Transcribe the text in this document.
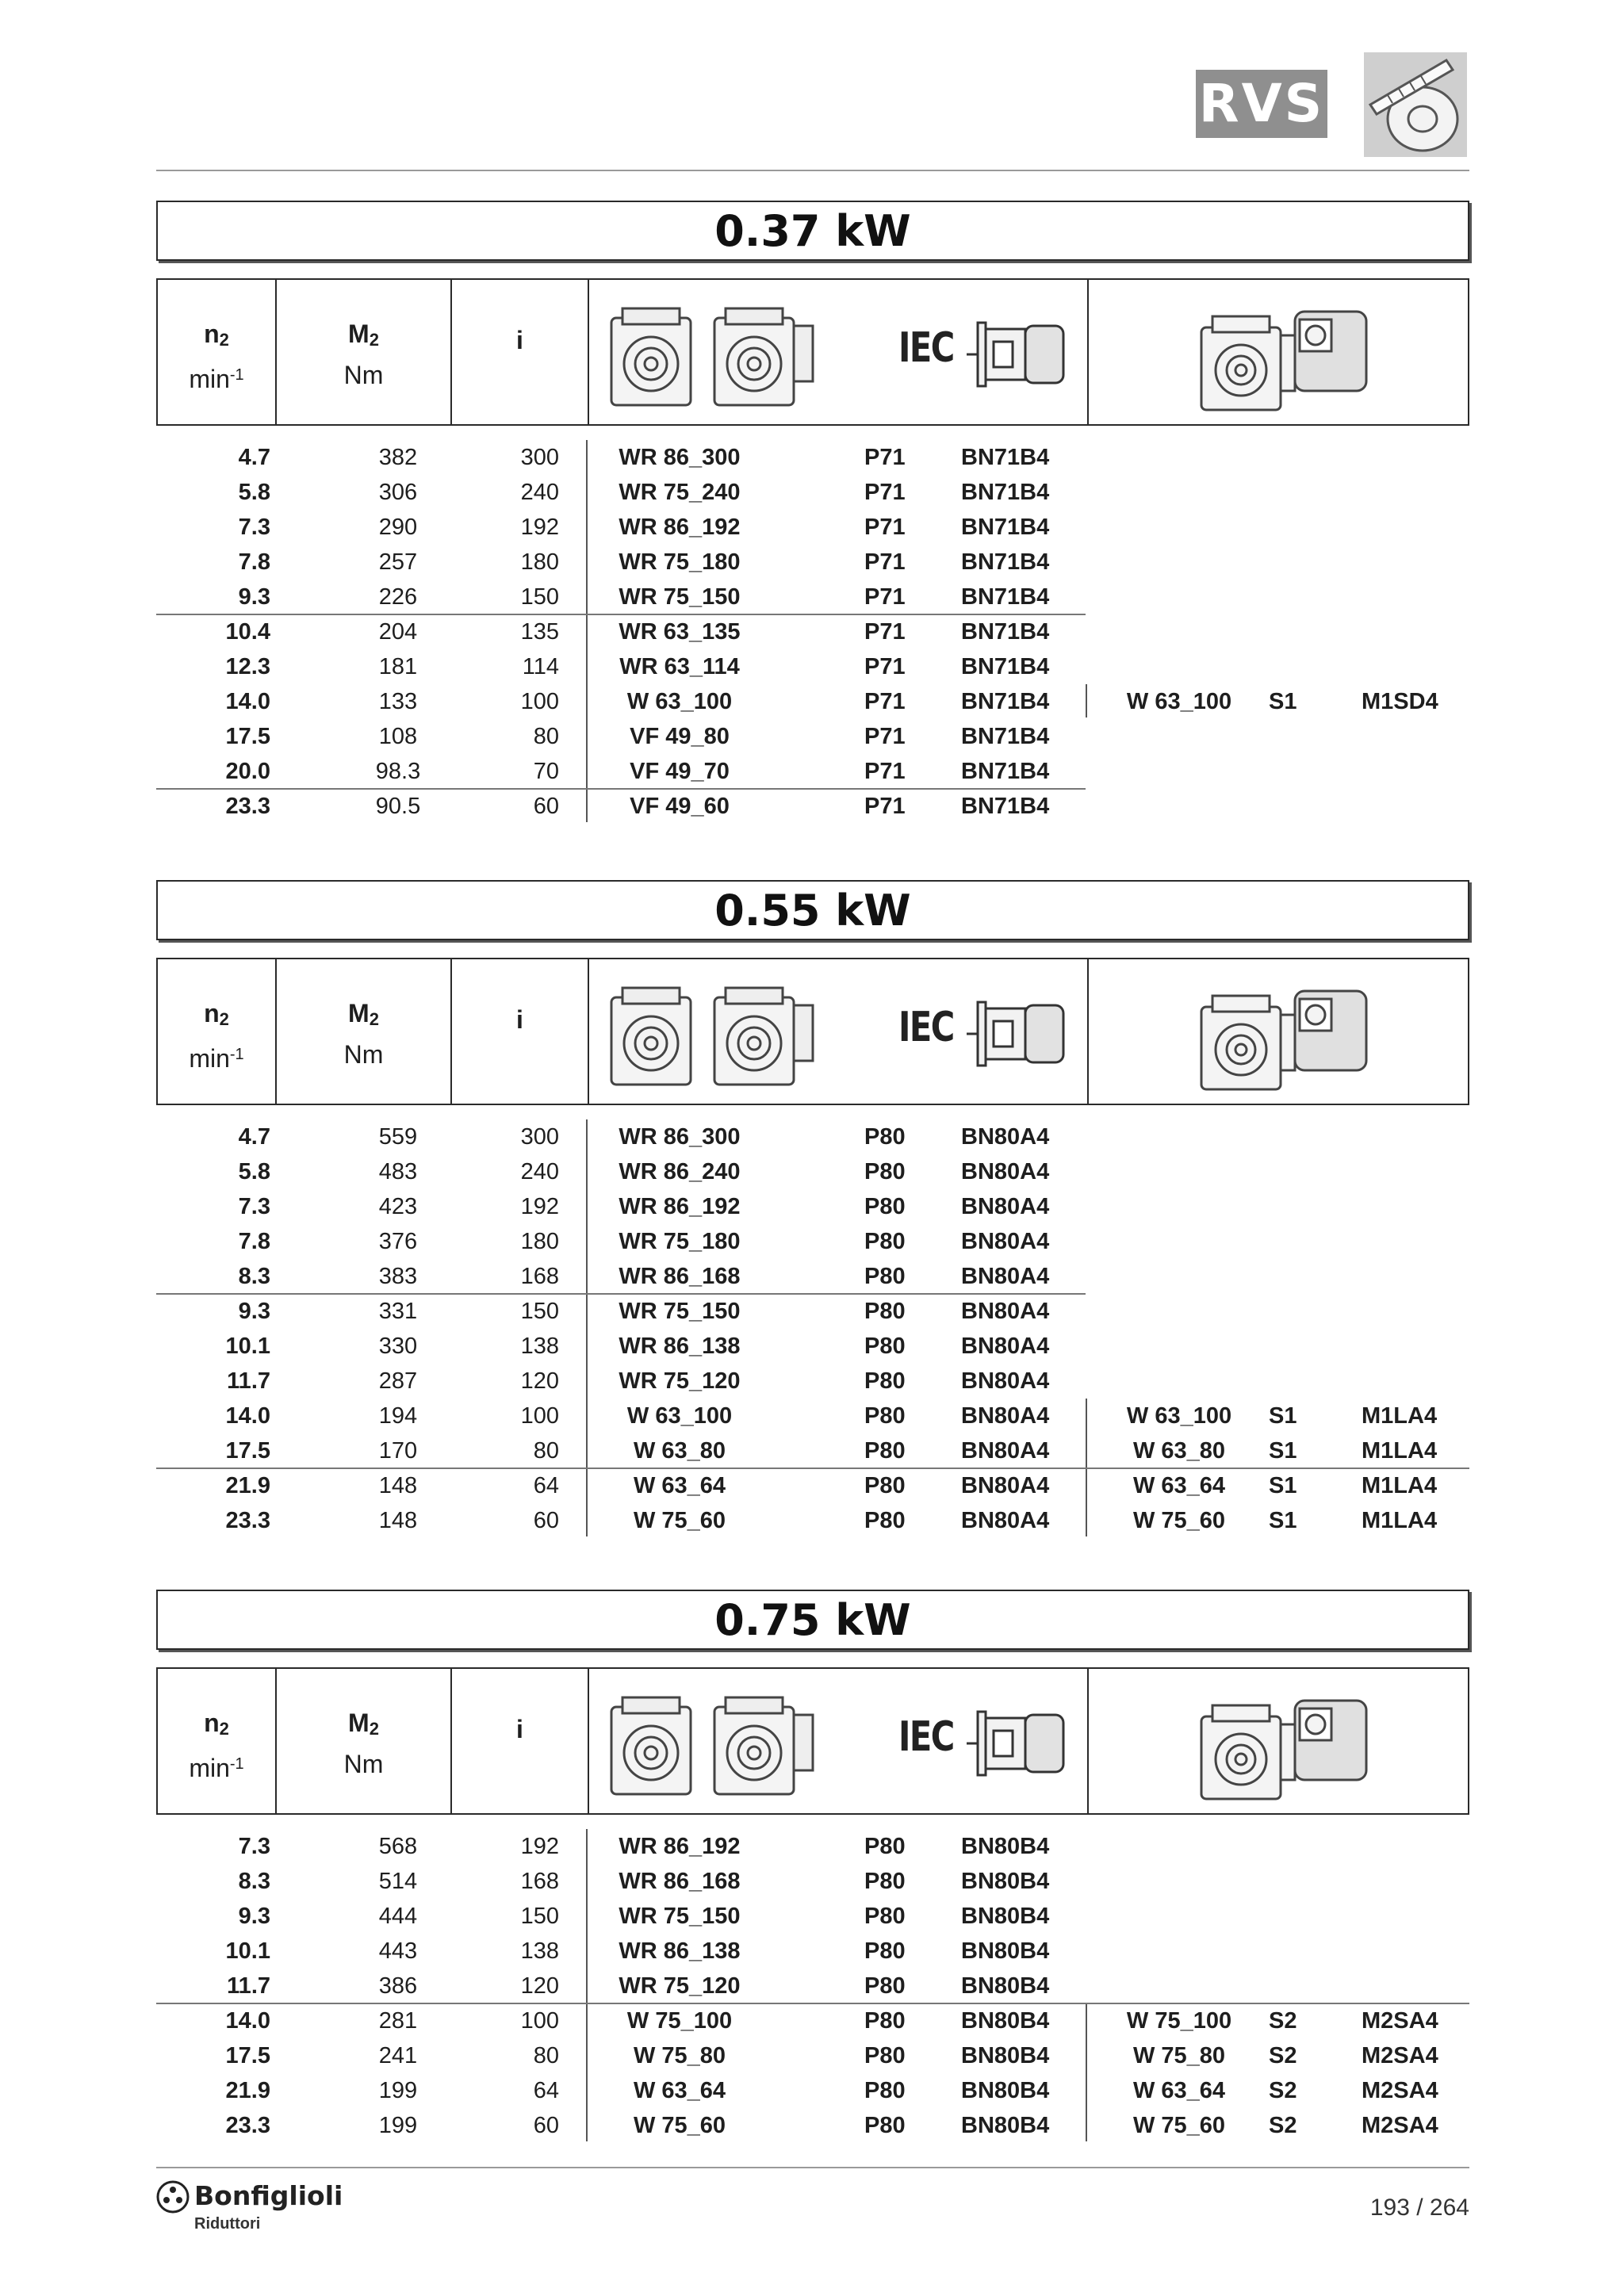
RVS
0.37 kW
$n_2$
$\min^{-1}$
$M_2$
Nm
i	IEC
4.7	382	300	WR 86_300	P71 BN71B4
5.8	306	240	WR 75_240	P71 BN71B4
7.3	290	192	WR 86_192	P71 BN71B4
7.8	257	180	WR 75_180	P71 BN71B4
9.3	226	150	WR 75_150	P71 BN71B4
10.4	204	135	WR 63_135	P71 BN71B4
12.3	181	114	WR 63_114	P71 BN71B4
14.0	133	100	W 63_100	P71 BN71B4	W 63_100	S1	M1SD4
17.5	108	80	VF 49_80	P71 BN71B4
20.0	98.3	70	VF 49_70	P71 BN71B4
23.3	90.5	60	VF 49_60	P71 BN71B4
0.55 kW
$n_2$
$\min^{-1}$
$M_2$
Nm
i	IEC
4.7	559	300	WR 86_300	P80 BN80A4
5.8	483	240	WR 86_240	P80 BN80A4
7.3	423	192	WR 86_192	P80 BN80A4
7.8	376	180	WR 75_180	P80 BN80A4
8.3	383	168	WR 86_168	P80 BN80A4
9.3	331	150	WR 75_150	P80 BN80A4
10.1	330	138	WR 86_138	P80 BN80A4
11.7	287	120	WR 75_120	P80 BN80A4
14.0	194	100	W 63_100	P80 BN80A4	W 63_100	S1	M1LA4
17.5	170	80	W 63_80	P80 BN80A4	W 63_80	S1	M1LA4
21.9	148	64	W 63_64	P80 BN80A4	W 63_64	S1	M1LA4
23.3	148	60	W 75_60	P80 BN80A4	W 75_60	S1	M1LA4
0.75 kW
$n_2$
$\min^{-1}$
$M_2$
Nm
i	IEC
7.3	568	192	WR 86_192	P80 BN80B4
8.3	514	168	WR 86_168	P80 BN80B4
9.3	444	150	WR 75_150	P80 BN80B4
10.1	443	138	WR 86_138	P80 BN80B4
11.7	386	120	WR 75_120	P80 BN80B4
14.0	281	100	W 75_100	P80 BN80B4	W 75_100	S2	M2SA4
17.5	241	80	W 75_80	P80 BN80B4	W 75_80	S2	M2SA4
21.9	199	64	W 63_64	P80 BN80B4	W 63_64	S2	M2SA4
23.3	199	60	W 75_60	P80 BN80B4	W 75_60	S2	M2SA4
Bonfiglioli
Riduttori
193 / 264
